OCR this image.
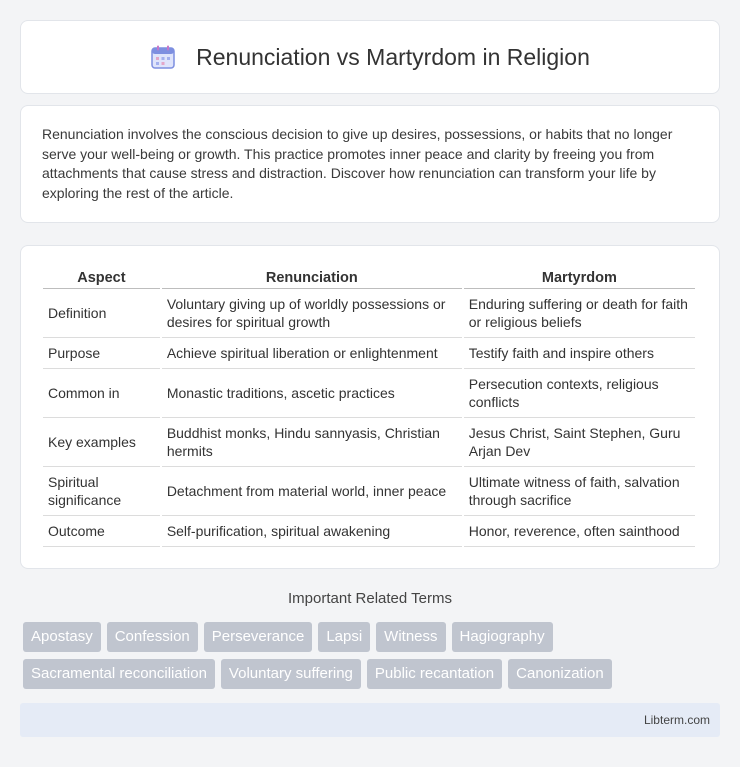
Renunciation vs Martyrdom in Religion

Renunciation involves the conscious decision to give up desires, possessions, or habits that no longer serve your well-being or growth. This practice promotes inner peace and clarity by freeing you from attachments that cause stress and distraction. Discover how renunciation can transform your life by exploring the rest of the article.

Aspect	Renunciation	Martyrdom
Definition	Voluntary giving up of worldly possessions or desires for spiritual growth	Enduring suffering or death for faith or religious beliefs
Purpose	Achieve spiritual liberation or enlightenment	Testify faith and inspire others
Common in	Monastic traditions, ascetic practices	Persecution contexts, religious conflicts
Key examples	Buddhist monks, Hindu sannyasis, Christian hermits	Jesus Christ, Saint Stephen, Guru Arjan Dev
Spiritual significance	Detachment from material world, inner peace	Ultimate witness of faith, salvation through sacrifice
Outcome	Self-purification, spiritual awakening	Honor, reverence, often sainthood
Important Related Terms
Apostasy	Confession	Perseverance	Lapsi	Witness	Hagiography
Sacramental reconciliation	Voluntary suffering	Public recantation	Canonization
Libterm.com
